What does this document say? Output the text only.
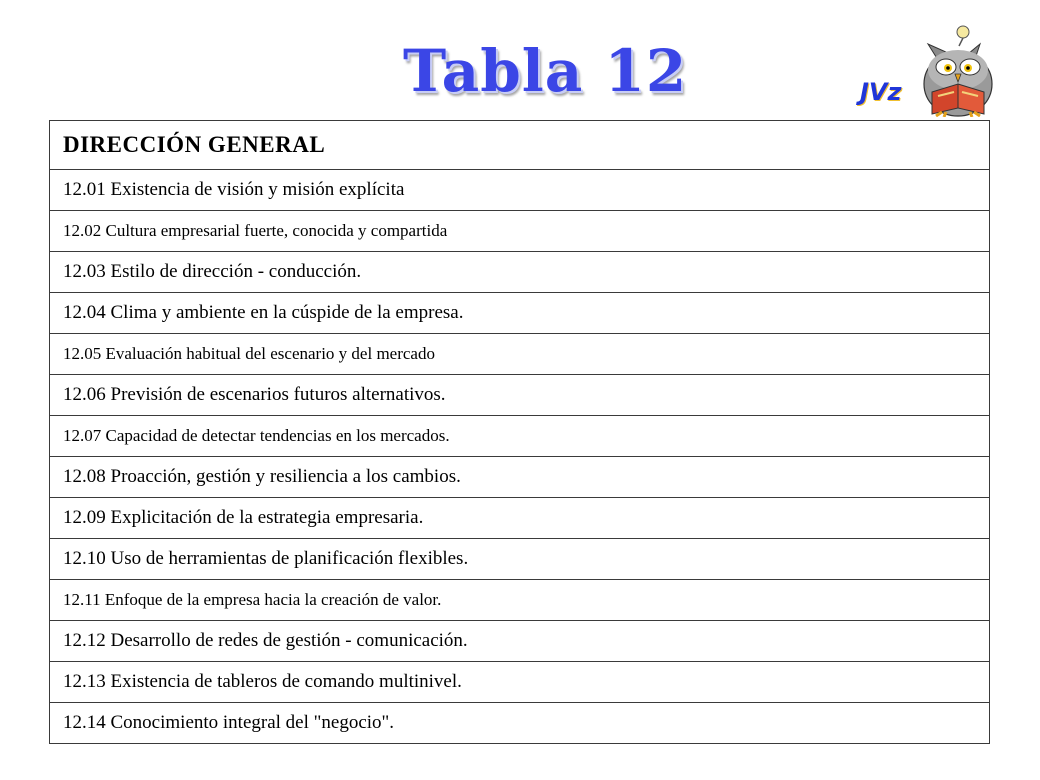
Tabla 12	JVz
DIRECCIÓN GENERAL
12.01 Existencia de visión y misión explícita
12.02 Cultura empresarial fuerte, conocida y compartida
12.03 Estilo de dirección - conducción.
12.04 Clima y ambiente en la cúspide de la empresa.
12.05 Evaluación habitual del escenario y del mercado
12.06 Previsión de escenarios futuros alternativos.
12.07 Capacidad de detectar tendencias en los mercados.
12.08 Proacción, gestión y resiliencia a los cambios.
12.09 Explicitación de la estrategia empresaria.
12.10 Uso de herramientas de planificación flexibles.
12.11 Enfoque de la empresa hacia la creación de valor.
12.12 Desarrollo de redes de gestión - comunicación.
12.13 Existencia de tableros de comando multinivel.
12.14 Conocimiento integral del "negocio".
